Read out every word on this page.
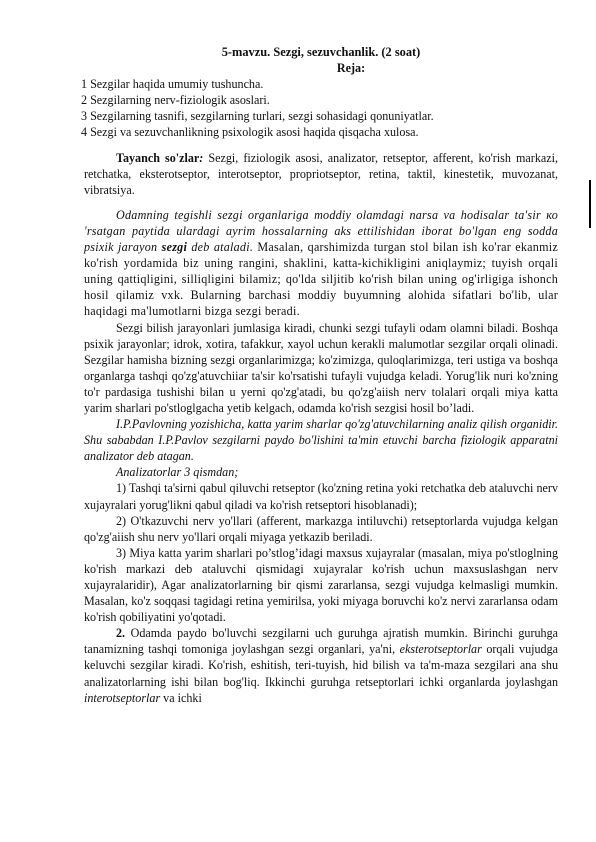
5-mavzu. Sezgi, sezuvchanlik. (2 soat)
Reja:
1 Sezgilar haqida umumiy tushuncha.
2 Sezgilarning nerv-fiziologik asoslari.
3 Sezgilarning tasnifi, sezgilarning turlari, sezgi sohasidagi qonuniyatlar.
4 Sezgi va sezuvchanlikning psixologik asosi haqida qisqacha xulosa.

Tayanch so'zlar: Sezgi, fiziologik asosi, analizator, retseptor, afferent, ko'rish markazi, retchatka, eksterotseptor, interotseptor, propriotseptor, retina, taktil, kinestetik, muvozanat, vibratsiya.

Odamning tegishli sezgi organlariga moddiy olamdagi narsa va hodisalar ta'sir ко 'rsatgan paytida ulardagi ayrim hossalarning aks ettilishidan iborat bo'lgan eng sodda psixik jarayon sezgi deb ataladi. Masalan, qarshimizda turgan stol bilan ish ko'rar ekanmiz ko'rish yordamida biz uning rangini, shaklini, katta-kichikligini aniqlaymiz; tuyish orqali uning qattiqligini, silliqligini bilamiz; qo'lda siljitib ko'rish bilan uning og'irligiga ishonch hosil qilamiz vxk. Bularning barchasi moddiy buyumning alohida sifatlari bo'lib, ular haqidagi ma'lumotlarni bizga sezgi beradi.

Sezgi bilish jarayonlari jumlasiga kiradi, chunki sezgi tufayli odam olamni biladi. Boshqa psixik jarayonlar; idrok, xotira, tafakkur, xayol uchun kerakli malumotlar sezgilar orqali olinadi. Sezgilar hamisha bizning sezgi organlarimizga; ko'zimizga, quloqlarimizga, teri ustiga va boshqa organlarga tashqi qo'zg'atuvchiiar ta'sir ko'rsatishi tufayli vujudga keladi. Yorug'lik nuri ko'zning to'r pardasiga tushishi bilan u yerni qo'zg'atadi, bu qo'zg'aiish nerv tolalari orqali miya katta yarim sharlari po'stloglgacha yetib kelgach, odamda ko'rish sezgisi hosil bo’ladi.

I.P.Pavlovning yozishicha, katta yarim sharlar qo'zg'atuvchilarning analiz qilish organidir. Shu sababdan I.P.Pavlov sezgilarni paydo bo'lishini ta'min etuvchi barcha fiziologik apparatni analizator deb atagan.

Analizatorlar 3 qismdan;

1) Tashqi ta'sirni qabul qiluvchi retseptor (ko'zning retina yoki retchatka deb ataluvchi nerv xujayralari yorug'likni qabul qiladi va ko'rish retseptori hisoblanadi);

2) O'tkazuvchi nerv yo'llari (afferent, markazga intiluvchi) retseptorlarda vujudga kelgan qo'zg'aiish shu nerv yo'llari orqali miyaga yetkazib beriladi.

3) Miya katta yarim sharlari po’stlog’idagi maxsus xujayralar (masalan, miya po'stloglning ko'rish markazi deb ataluvchi qismidagi xujayralar ko'rish uchun maxsuslashgan nerv xujayralaridir), Agar analizatorlarning bir qismi zararlansa, sezgi vujudga kelmasligi mumkin. Masalan, ko'z soqqasi tagidagi retina yemirilsa, yoki miyaga boruvchi ko'z nervi zararlansa odam ko'rish qobiliyatini yo'qotadi.

2. Odamda paydo bo'luvchi sezgilarni uch guruhga ajratish mumkin. Birinchi guruhga tanamizning tashqi tomoniga joylashgan sezgi organlari, ya'ni, eksterotseptorlar orqali vujudga keluvchi sezgilar kiradi. Ko'rish, eshitish, teri-tuyish, hid bilish va ta'm-maza sezgilari ana shu analizatorlarning ishi bilan bog'liq. Ikkinchi guruhga retseptorlari ichki organlarda joylashgan interotseptorlar va ichki
